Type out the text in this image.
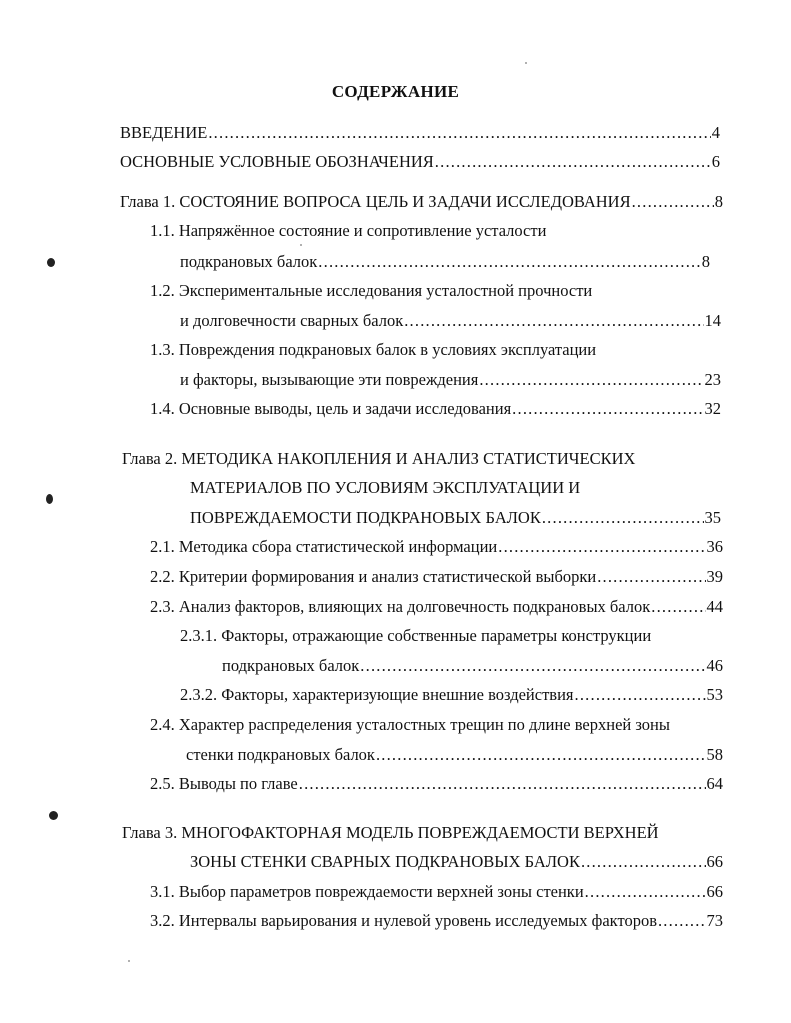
СОДЕРЖАНИЕ
ВВЕДЕНИЕ .....	4
ОСНОВНЫЕ УСЛОВНЫЕ ОБОЗНАЧЕНИЯ .....	6
Глава 1. СОСТОЯНИЕ ВОПРОСА ЦЕЛЬ И ЗАДАЧИ ИССЛЕДОВАНИЯ .....	8
1.1. Напряжённое состояние и сопротивление усталости
подкрановых балок .....	8
1.2. Экспериментальные исследования усталостной прочности
и долговечности сварных балок .....	14
1.3. Повреждения подкрановых балок в условиях эксплуатации
и факторы, вызывающие эти повреждения .....	23
1.4. Основные выводы, цель и задачи исследования .....	32
Глава 2. МЕТОДИКА НАКОПЛЕНИЯ И АНАЛИЗ СТАТИСТИЧЕСКИХ
МАТЕРИАЛОВ ПО УСЛОВИЯМ ЭКСПЛУАТАЦИИ И
ПОВРЕЖДАЕМОСТИ ПОДКРАНОВЫХ БАЛОК .....	35
2.1. Методика сбора статистической информации .....	36
2.2. Критерии формирования и анализ статистической выборки .....	39
2.3. Анализ факторов, влияющих на долговечность подкрановых балок .....	44
2.3.1. Факторы, отражающие собственные параметры конструкции
подкрановых балок .....	46
2.3.2. Факторы, характеризующие внешние воздействия .....	53
2.4. Характер распределения усталостных трещин по длине верхней зоны
стенки подкрановых балок .....	58
2.5. Выводы по главе .....	64
Глава 3. МНОГОФАКТОРНАЯ МОДЕЛЬ ПОВРЕЖДАЕМОСТИ ВЕРХНЕЙ
ЗОНЫ СТЕНКИ СВАРНЫХ ПОДКРАНОВЫХ БАЛОК .....	66
3.1. Выбор параметров повреждаемости верхней зоны стенки .....	66
3.2. Интервалы варьирования и нулевой уровень исследуемых факторов .....	73
